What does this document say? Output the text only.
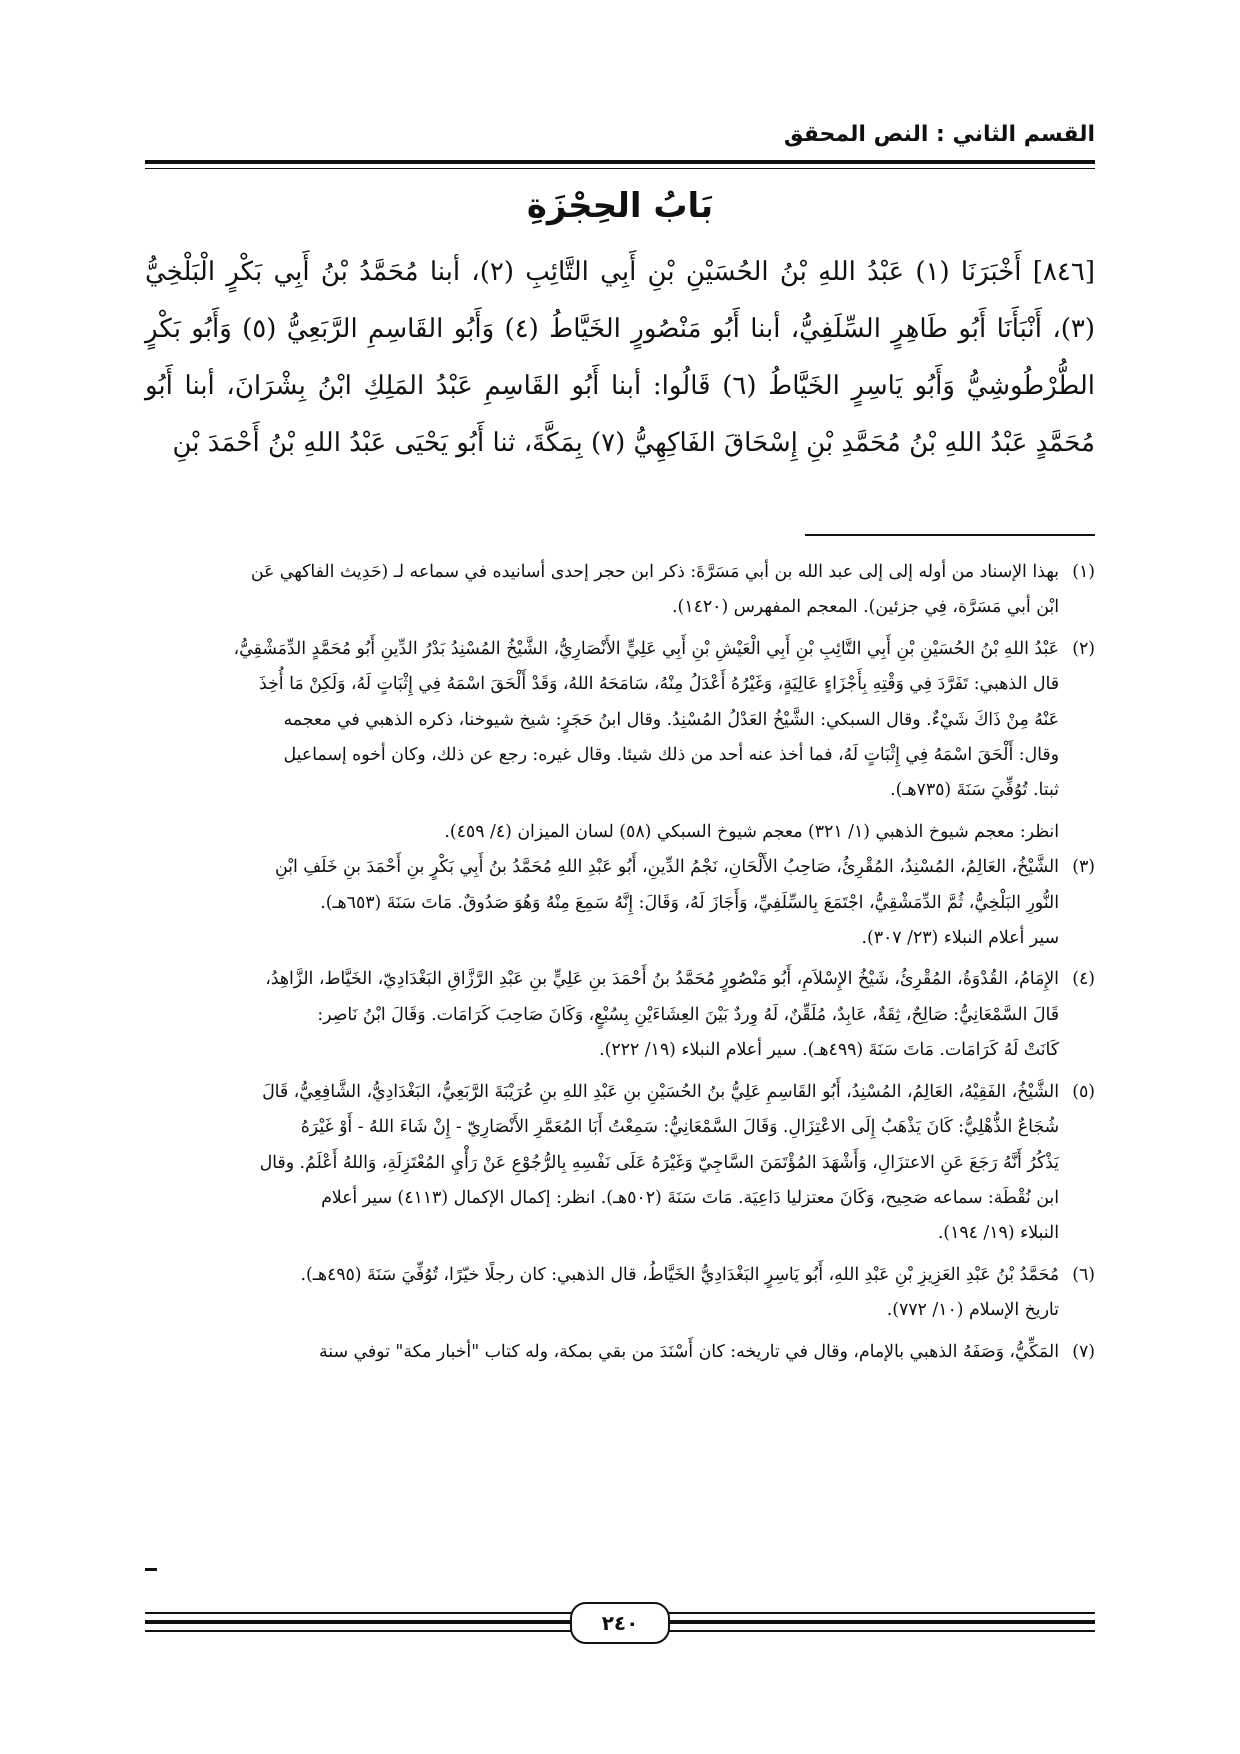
القسم الثاني : النص المحقق
بَابُ الحِجْزَةِ

[٨٤٦] أَخْبَرَنَا (١) عَبْدُ اللهِ بْنُ الحُسَيْنِ بْنِ أَبِي التَّائِبِ (٢)، أبنا مُحَمَّدُ بْنُ أَبِي بَكْرٍ الْبَلْخِيُّ (٣)، أَنْبَأَنَا أَبُو طَاهِرٍ السِّلَفِيُّ، أبنا أَبُو مَنْصُورٍ الخَيَّاطُ (٤) وَأَبُو القَاسِمِ الرَّبَعِيُّ (٥) وَأَبُو بَكْرٍ الطُّرْطُوشِيُّ وَأَبُو يَاسِرٍ الخَيَّاطُ (٦) قَالُوا: أبنا أَبُو القَاسِمِ عَبْدُ المَلِكِ ابْنُ بِشْرَانَ، أبنا أَبُو مُحَمَّدٍ عَبْدُ اللهِ بْنُ مُحَمَّدِ بْنِ إِسْحَاقَ الفَاكِهِيُّ (٧) بِمَكَّةَ، ثنا أَبُو يَحْيَى عَبْدُ اللهِ بْنُ أَحْمَدَ بْنِ

(١)
بهذا الإسناد من أوله إلى إلى عبد الله بن أبي مَسَرَّةَ: ذكر ابن حجر إحدى أسانيده في سماعه لـ (حَدِيث الفاكهي عَن
ابْن أبي مَسَرَّة، فِي جزئين). المعجم المفهرس (١٤٢٠).
(٢)
عَبْدُ اللهِ بْنُ الحُسَيْنِ بْنِ أَبِي التَّائِبِ بْنِ أَبِي الْعَيْشِ بْنِ أَبِي عَلِيٍّ الأَنْصَارِيُّ، الشَّيْخُ المُسْنِدُ بَدْرُ الدِّينِ أَبُو مُحَمَّدٍ الدِّمَشْقِيُّ،
قال الذهبي: تَفَرَّدَ فِي وَقْتِهِ بِأَجْزَاءٍ عَالِيَةٍ، وَغَيْرُهُ أَعْدَلُ مِنْهُ، سَامَحَهُ اللهُ، وَقَدْ أَلْحَقَ اسْمَهُ فِي إِثْبَاتٍ لَهُ، وَلَكِنْ مَا أُخِذَ
عَنْهُ مِنْ ذَاكَ شَيْءٌ. وقال السبكي: الشَّيْخُ العَدْلُ المُسْنِدُ. وقال ابنُ حَجَرٍ: شيخ شيوخنا، ذكره الذهبي في معجمه
وقال: أَلْحَقَ اسْمَهُ فِي إِثْبَاتٍ لَهُ، فما أخذ عنه أحد من ذلك شيئا. وقال غيره: رجع عن ذلك، وكان أخوه إسماعيل
ثبتا. تُوُفِّيَ سَنَةَ (٧٣٥هـ).
انظر: معجم شيوخ الذهبي (١/ ٣٢١) معجم شيوخ السبكي (٥٨) لسان الميزان (٤/ ٤٥٩).
(٣)
الشَّيْخُ، العَالِمُ، المُسْنِدُ، المُقْرِئُ، صَاحِبُ الأَلْحَانِ، نَجْمُ الدِّينِ، أَبُو عَبْدِ اللهِ مُحَمَّدُ بنُ أَبِي بَكْرٍ بنِ أَحْمَدَ بنِ خَلَفِ ابْنِ
النُّورِ البَلْخِيُّ، ثُمَّ الدِّمَشْقِيُّ، اجْتَمَعَ بِالسِّلَفِيِّ، وَأَجَازَ لَهُ، وَقَالَ: إِنَّهُ سَمِعَ مِنْهُ وَهُوَ صَدُوقٌ. مَاتَ سَنَةَ (٦٥٣هـ).
سير أعلام النبلاء (٢٣/ ٣٠٧).
(٤)
الإِمَامُ، القُدْوَةُ، المُقْرِئُ، شَيْخُ الإِسْلاَمِ، أَبُو مَنْصُورٍ مُحَمَّدُ بنُ أَحْمَدَ بنِ عَلِيٍّ بنِ عَبْدِ الرَّزَّاقِ البَغْدَادِيّ، الخَيَّاط، الزَّاهِدُ،
قَالَ السَّمْعَانِيُّ: صَالِحٌ، ثِقَةٌ، عَابِدٌ، مُلَقِّنٌ، لَهُ وِردٌ بَيْنَ العِشَاءَيْنِ بِسُبْعٍ، وَكَانَ صَاحِبَ كَرَامَات. وَقَالَ ابْنُ نَاصِر:
كَانَتْ لَهُ كَرَامَات. مَاتَ سَنَةَ (٤٩٩هـ). سير أعلام النبلاء (١٩/ ٢٢٢).
(٥)
الشَّيْخُ، الفَقِيْهُ، العَالِمُ، المُسْنِدُ، أَبُو القَاسِمِ عَلِيُّ بنُ الحُسَيْنِ بنِ عَبْدِ اللهِ بنِ عُرَيْبَةَ الرَّبَعِيُّ، البَغْدَادِيُّ، الشَّافِعِيُّ، قَالَ
شُجَاعٌ الذُّهْلِيُّ: كَانَ يَذْهَبُ إِلَى الاعْتِزَالِ. وَقَالَ السَّمْعَانِيُّ: سَمِعْتُ أَبَا المُعَمَّرِ الأَنْصَارِيّ - إِنْ شَاءَ اللهُ - أَوْ غَيْرَهُ
يَذْكُرُ أَنَّهُ رَجَعَ عَنِ الاعتزَالِ، وَأَشْهَدَ المُؤْتَمَنَ السَّاجِيّ وَغَيْرَهُ عَلَى نَفْسِهِ بِالرُّجُوْعِ عَنْ رَأْيِ المُعْتَزِلَةِ، وَاللهُ أَعْلَمُ. وقال
ابن نُقْطَة: سماعه صَحِيح، وَكَانَ معتزليا دَاعِيَة. مَاتَ سَنَةَ (٥٠٢هـ). انظر: إكمال الإكمال (٤١١٣) سير أعلام
النبلاء (١٩/ ١٩٤).
(٦)
مُحَمَّدُ بْنُ عَبْدِ العَزِيزِ بْنِ عَبْدِ اللهِ، أَبُو يَاسِرٍ البَغْدَادِيُّ الخَيَّاطُ، قال الذهبي: كان رجلًا خيّرًا، تُوُفِّيَ سَنَةَ (٤٩٥هـ).
تاريخ الإسلام (١٠/ ٧٧٢).
(٧)
المَكِّيُّ، وَصَفَهُ الذهبي بالإمام، وقال في تاريخه: كان أَسْنَدَ من بقي بمكة، وله كتاب "أخبار مكة" توفي سنة
٢٤٠
